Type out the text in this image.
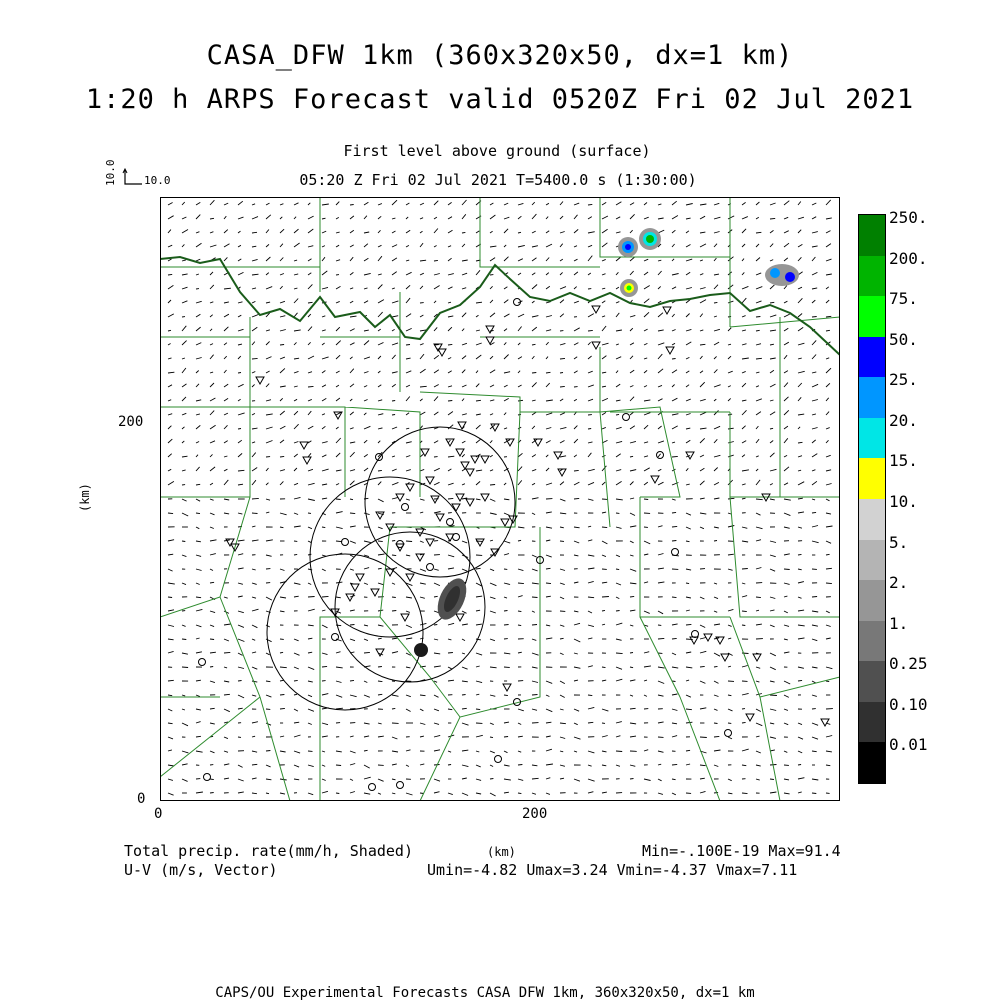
CASA_DFW 1km (360x320x50, dx=1 km)
1:20 h ARPS Forecast valid 0520Z Fri 02 Jul 2021
First level above ground (surface)
05:20 Z Fri 02 Jul 2021 T=5400.0 s (1:30:00)
10.0 10.0
200
0
(km)
0	200
(km)
250.
200.
75.
50.
25.
20.
15.
10.
5.
2.
1.
0.25
0.10
0.01
Total precip. rate(mm/h, Shaded)
U-V (m/s, Vector)
Min=-.100E-19 Max=91.4
Umin=-4.82 Umax=3.24 Vmin=-4.37 Vmax=7.11
CAPS/OU Experimental Forecasts CASA DFW 1km, 360x320x50, dx=1 km
